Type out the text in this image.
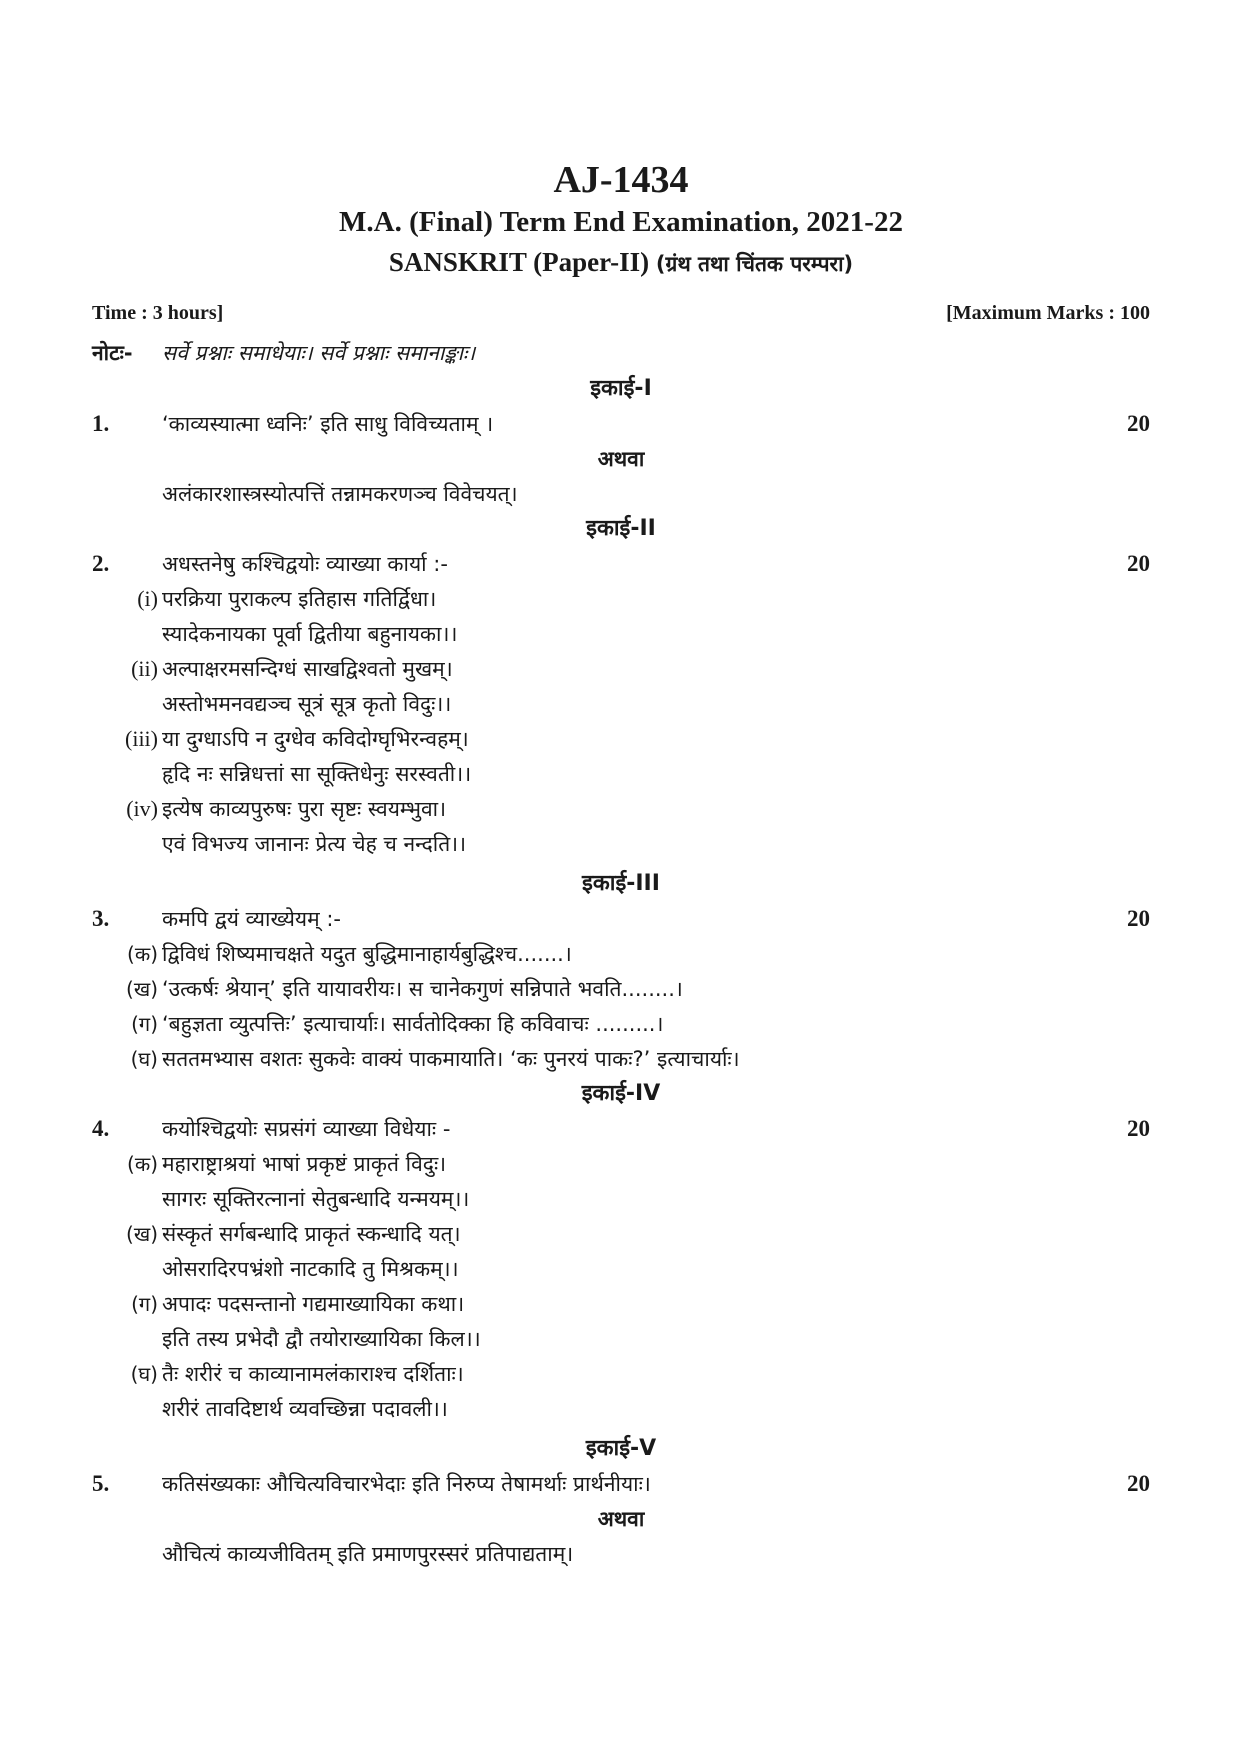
AJ-1434
M.A. (Final) Term End Examination, 2021-22
SANSKRIT (Paper-II) (ग्रंथ तथा चिंतक परम्परा)
Time : 3 hours]	[Maximum Marks : 100
नोटः- सर्वे प्रश्नाः समाधेयाः। सर्वे प्रश्नाः समानाङ्काः।
इकाई-I
1.	‘काव्यस्यात्मा ध्वनिः’ इति साधु विविच्यताम् ।	20
अथवा
अलंकारशास्त्रस्योत्पत्तिं तन्नामकरणञ्च विवेचयत्।
इकाई-II
2.	अधस्तनेषु कश्चिद्वयोः व्याख्या कार्या :-	20
(i) परक्रिया पुराकल्प इतिहास गतिर्द्विधा।
स्यादेकनायका पूर्वा द्वितीया बहुनायका।।
(ii) अल्पाक्षरमसन्दिग्धं साखद्विश्वतो मुखम्।
अस्तोभमनवद्यञ्च सूत्रं सूत्र कृतो विदुः।।
(iii) या दुग्धाऽपि न दुग्धेव कविदोग्घृभिरन्वहम्।
हृदि नः सन्निधत्तां सा सूक्तिधेनुः सरस्वती।।
(iv) इत्येष काव्यपुरुषः पुरा सृष्टः स्वयम्भुवा।
एवं विभज्य जानानः प्रेत्य चेह च नन्दति।।
इकाई-III
3.	कमपि द्वयं व्याख्येयम् :-	20
(क) द्विविधं शिष्यमाचक्षते यदुत बुद्धिमानाहार्यबुद्धिश्च.......।
(ख) ‘उत्कर्षः श्रेयान्’ इति यायावरीयः। स चानेकगुणं सन्निपाते भवति........।
(ग) ‘बहुज्ञता व्युत्पत्तिः’ इत्याचार्याः। सार्वतोदिक्का हि कविवाचः .........।
(घ) सततमभ्यास वशतः सुकवेः वाक्यं पाकमायाति। ‘कः पुनरयं पाकः?’ इत्याचार्याः।
इकाई-IV
4.	कयोश्चिद्वयोः सप्रसंगं व्याख्या विधेयाः -	20
(क) महाराष्ट्राश्रयां भाषां प्रकृष्टं प्राकृतं विदुः।
सागरः सूक्तिरत्नानां सेतुबन्धादि यन्मयम्।।
(ख) संस्कृतं सर्गबन्धादि प्राकृतं स्कन्धादि यत्।
ओसरादिरपभ्रंशो नाटकादि तु मिश्रकम्।।
(ग) अपादः पदसन्तानो गद्यमाख्यायिका कथा।
इति तस्य प्रभेदौ द्वौ तयोराख्यायिका किल।।
(घ) तैः शरीरं च काव्यानामलंकाराश्च दर्शिताः।
शरीरं तावदिष्टार्थ व्यवच्छिन्ना पदावली।।
इकाई-V
5.	कतिसंख्यकाः औचित्यविचारभेदाः इति निरुप्य तेषामर्थाः प्रार्थनीयाः।	20
अथवा
औचित्यं काव्यजीवितम् इति प्रमाणपुरस्सरं प्रतिपाद्यताम्।
